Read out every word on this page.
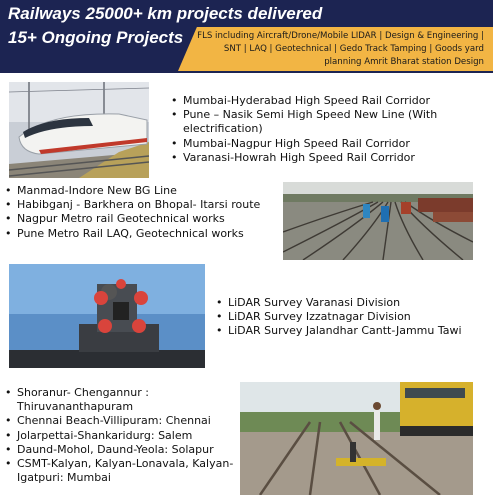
Railways 25000+ km projects delivered
15+ Ongoing Projects	FLS including Aircraft/Drone/Mobile LIDAR | Design & Engineering | SNT | LAQ | Geotechnical | Gedo Track Tamping | Goods yard planning Amrit Bharat station Design
• Mumbai-Hyderabad High Speed Rail Corridor
• Pune – Nasik Semi High Speed New Line (With electrification)
• Mumbai-Nagpur High Speed Rail Corridor
• Varanasi-Howrah High Speed Rail Corridor
• Manmad-Indore New BG Line
• Habibganj - Barkhera on Bhopal- Itarsi route
• Nagpur Metro rail Geotechnical works
• Pune Metro Rail LAQ, Geotechnical works
• LiDAR Survey Varanasi Division
• LiDAR Survey Izzatnagar Division
• LiDAR Survey Jalandhar Cantt-Jammu Tawi
• Shoranur- Chengannur : Thiruvananthapuram
• Chennai Beach-Villipuram: Chennai
• Jolarpettai-Shankaridurg: Salem
• Daund-Mohol, Daund-Yeola: Solapur
• CSMT-Kalyan, Kalyan-Lonavala, Kalyan-Igatpuri: Mumbai
